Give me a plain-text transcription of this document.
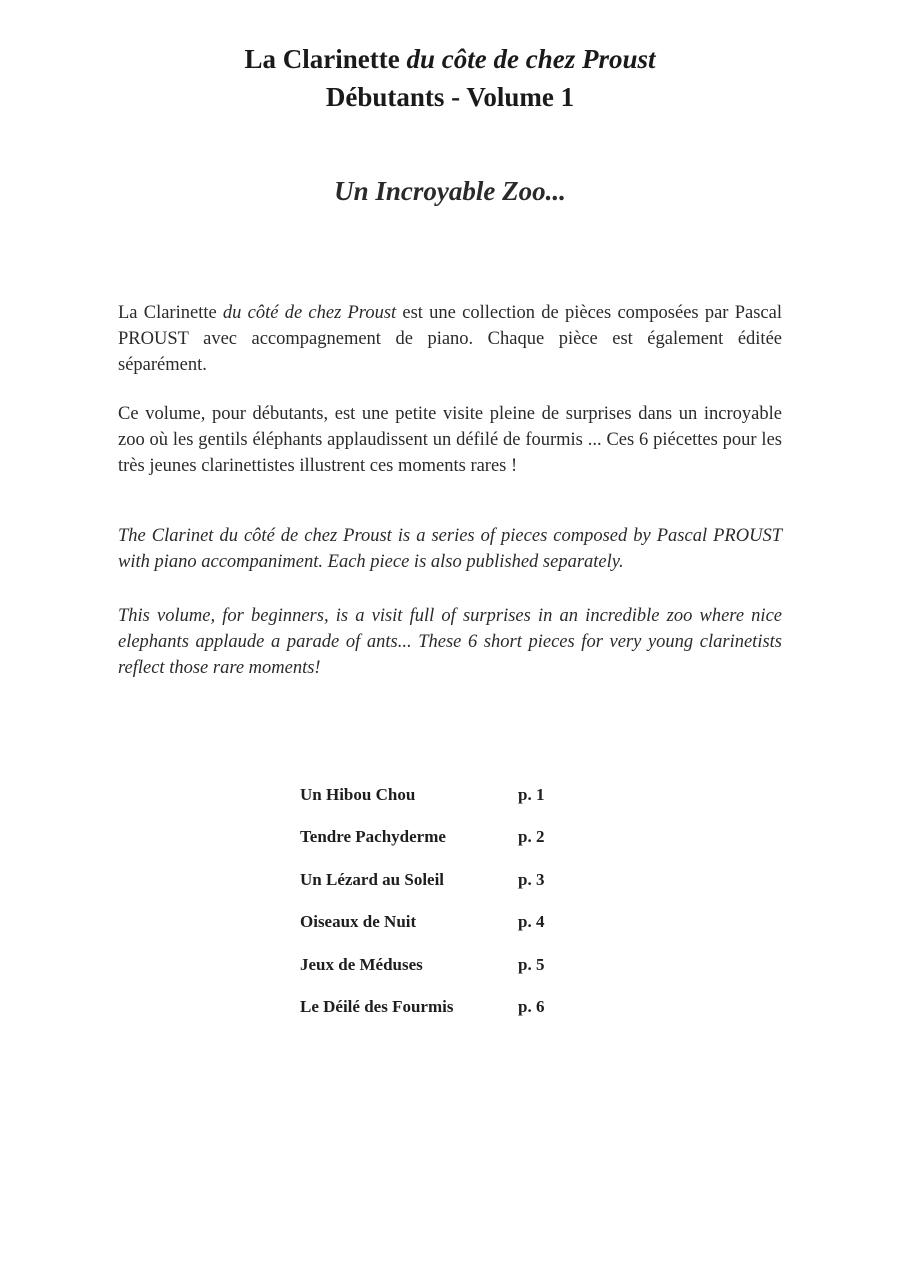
La Clarinette du côte de chez Proust
Débutants - Volume 1
Un Incroyable Zoo...

La Clarinette du côté de chez Proust est une collection de pièces composées par Pascal PROUST avec accompagnement de piano. Chaque pièce est également éditée séparément.

Ce volume, pour débutants, est une petite visite pleine de surprises dans un incroyable zoo où les gentils éléphants applaudissent un défilé de fourmis ... Ces 6 piécettes pour les très jeunes clarinettistes illustrent ces moments rares !

The Clarinet du côté de chez Proust is a series of pieces composed by Pascal PROUST with piano accompaniment. Each piece is also published separately.

This volume, for beginners, is a visit full of surprises in an incredible zoo where nice elephants applaude a parade of ants... These 6 short pieces for very young clarinetists reflect those rare moments!

Un Hibou Chou	p. 1
Tendre Pachyderme	p. 2
Un Lézard au Soleil	p. 3
Oiseaux de Nuit	p. 4
Jeux de Méduses	p. 5
Le Déilé des Fourmis	p. 6
